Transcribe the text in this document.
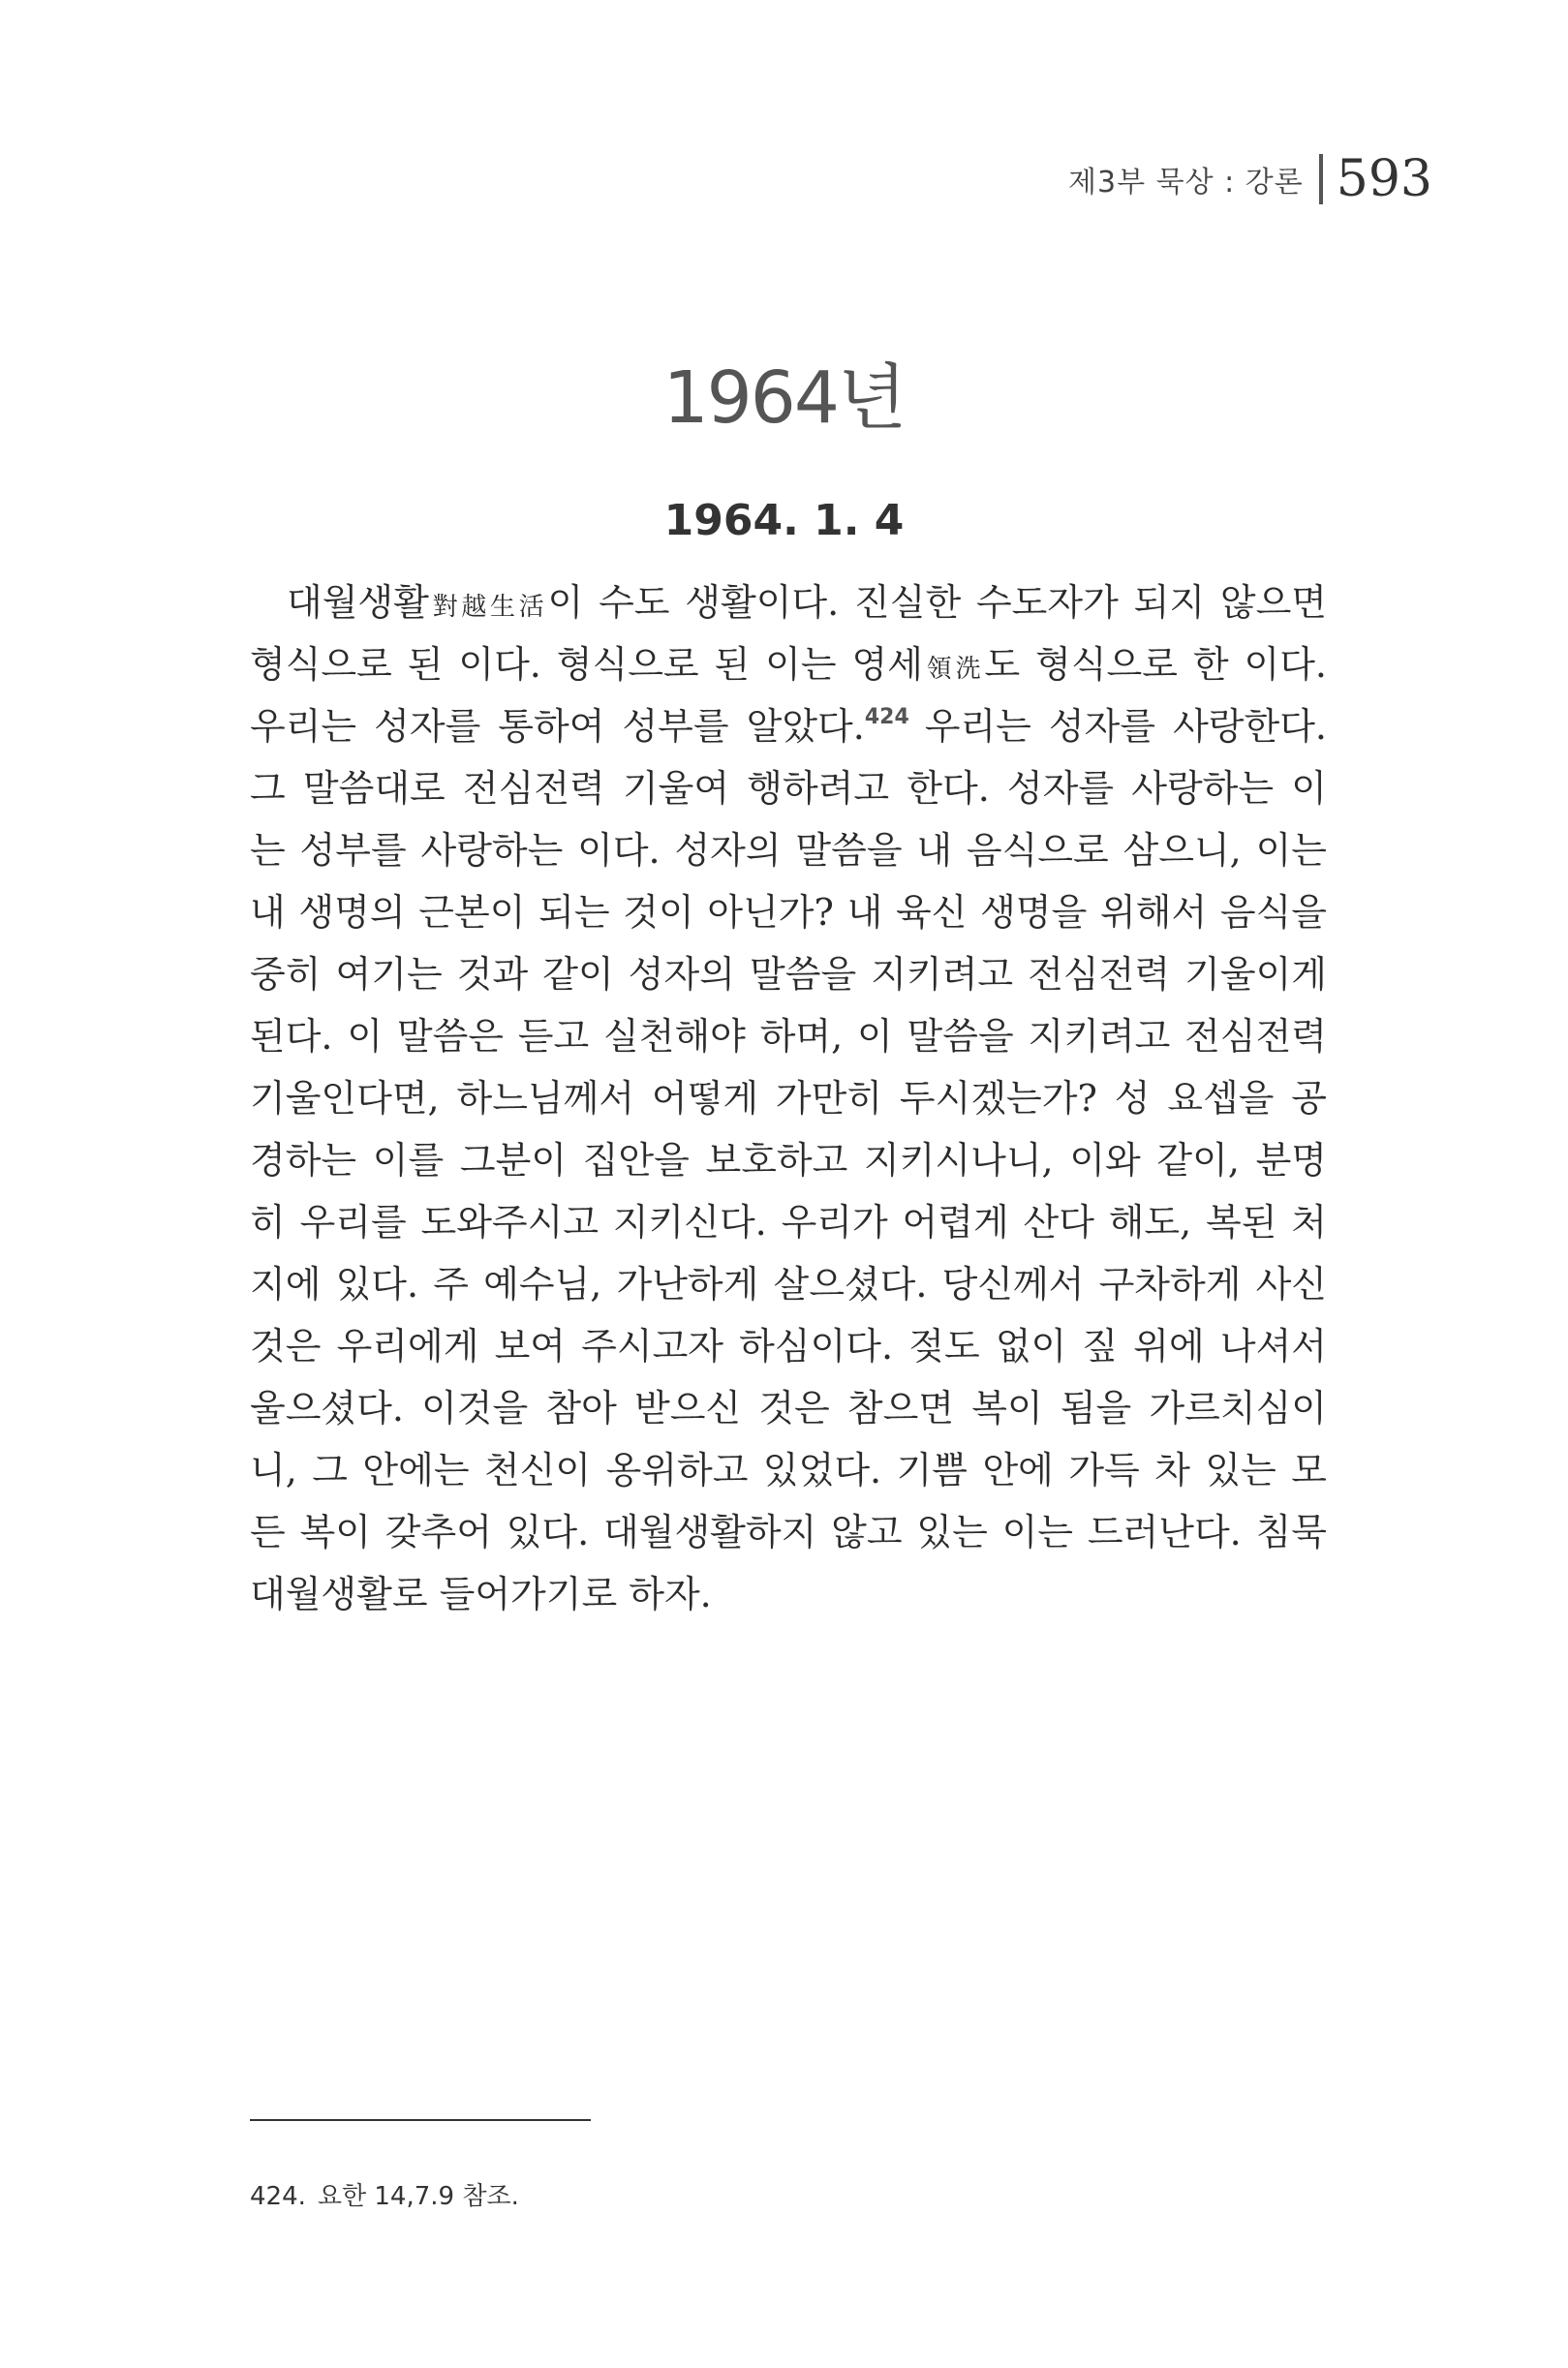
제3부 묵상 : 강론 593
1964년
1964. 1. 4
대월생활對越生活이 수도 생활이다. 진실한 수도자가 되지 않으면
형식으로 된 이다. 형식으로 된 이는 영세領洗도 형식으로 한 이다.
우리는 성자를 통하여 성부를 알았다.$^{424}$ 우리는 성자를 사랑한다.
그 말씀대로 전심전력 기울여 행하려고 한다. 성자를 사랑하는 이
는 성부를 사랑하는 이다. 성자의 말씀을 내 음식으로 삼으니, 이는
내 생명의 근본이 되는 것이 아닌가? 내 육신 생명을 위해서 음식을
중히 여기는 것과 같이 성자의 말씀을 지키려고 전심전력 기울이게
된다. 이 말씀은 듣고 실천해야 하며, 이 말씀을 지키려고 전심전력
기울인다면, 하느님께서 어떻게 가만히 두시겠는가? 성 요셉을 공
경하는 이를 그분이 집안을 보호하고 지키시나니, 이와 같이, 분명
히 우리를 도와주시고 지키신다. 우리가 어렵게 산다 해도, 복된 처
지에 있다. 주 예수님, 가난하게 살으셨다. 당신께서 구차하게 사신
것은 우리에게 보여 주시고자 하심이다. 젖도 없이 짚 위에 나셔서
울으셨다. 이것을 참아 받으신 것은 참으면 복이 됨을 가르치심이
니, 그 안에는 천신이 옹위하고 있었다. 기쁨 안에 가득 차 있는 모
든 복이 갖추어 있다. 대월생활하지 않고 있는 이는 드러난다. 침묵
대월생활로 들어가기로 하자.
424. 요한 14,7.9 참조.
